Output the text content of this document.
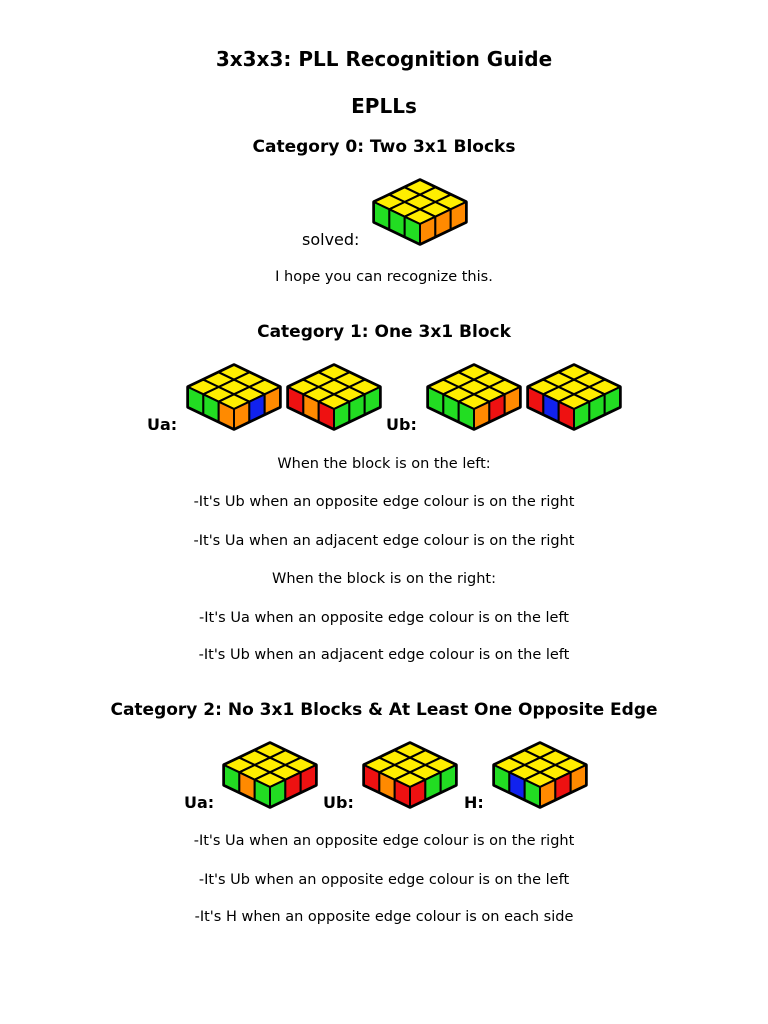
3x3x3: PLL Recognition Guide
EPLLs
Category 0: Two 3x1 Blocks
solved:
I hope you can recognize this.
Category 1: One 3x1 Block
Ua:	Ub:
When the block is on the left:
-It's Ub when an opposite edge colour is on the right
-It's Ua when an adjacent edge colour is on the right
When the block is on the right:
-It's Ua when an opposite edge colour is on the left
-It's Ub when an adjacent edge colour is on the left
Category 2: No 3x1 Blocks & At Least One Opposite Edge
Ua:	Ub:	H:
-It's Ua when an opposite edge colour is on the right
-It's Ub when an opposite edge colour is on the left
-It's H when an opposite edge colour is on each side
